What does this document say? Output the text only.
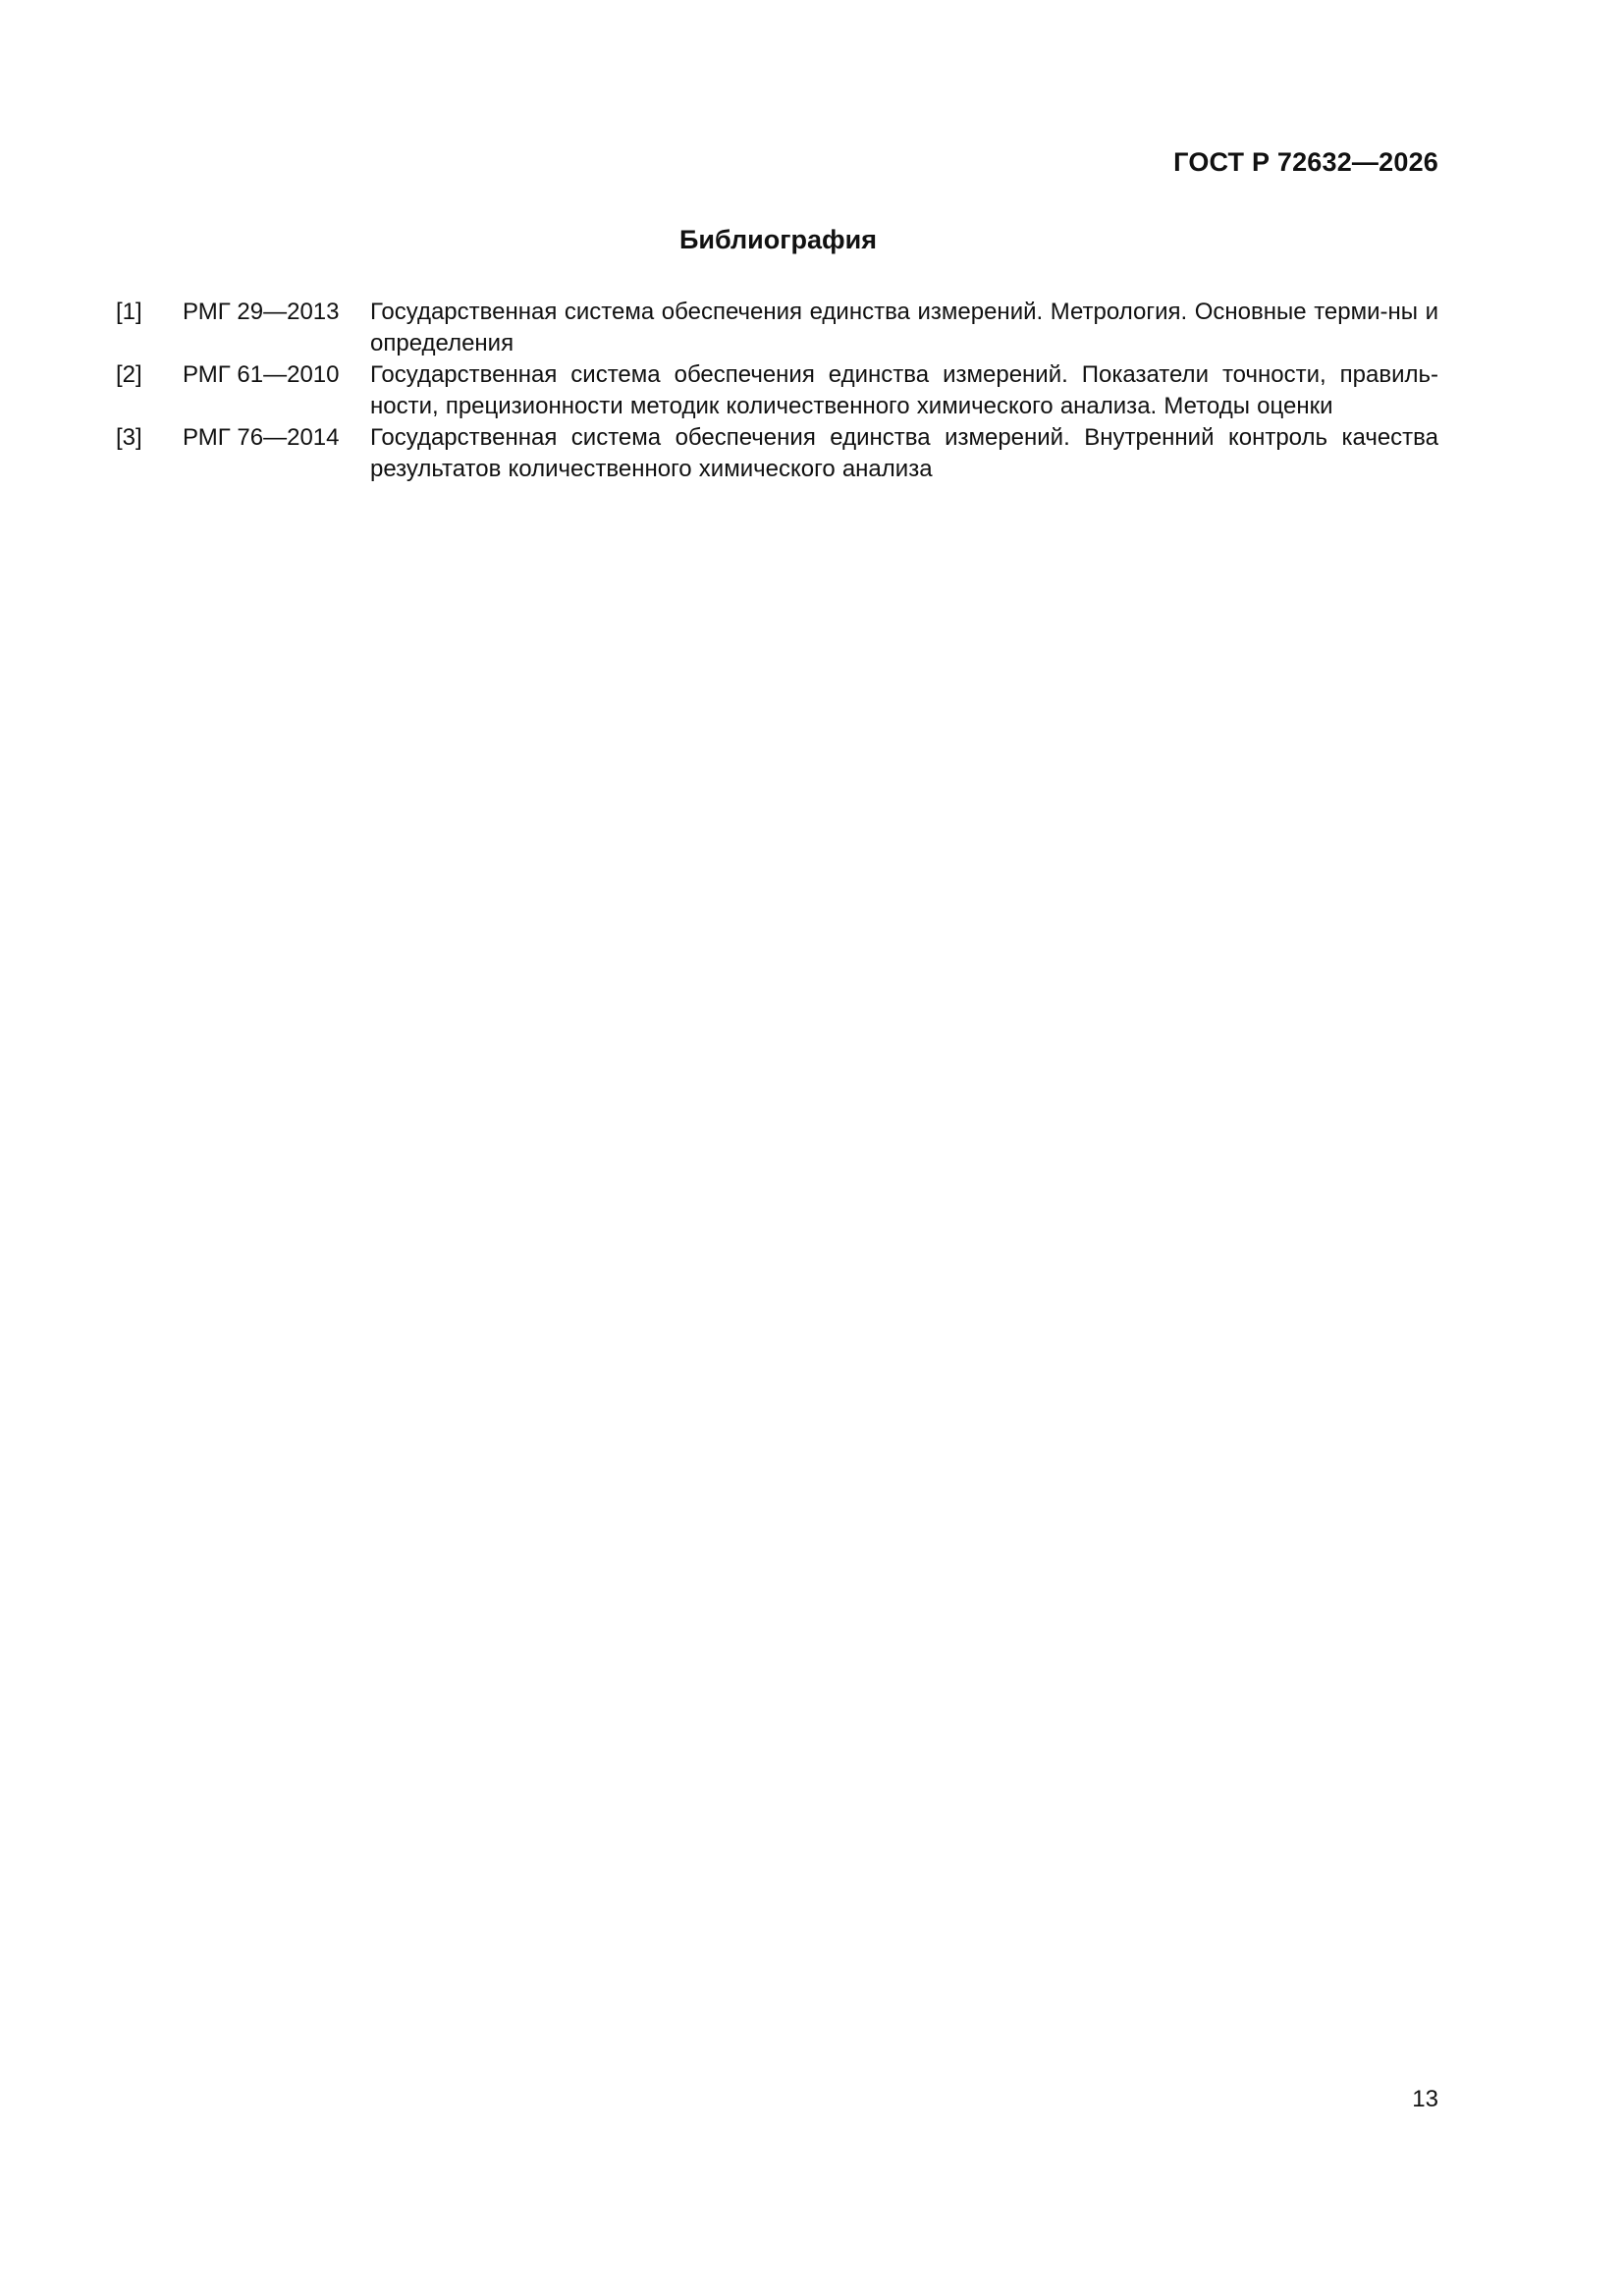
ГОСТ Р 72632—2026
Библиография
[1] РМГ 29—2013 Государственная система обеспечения единства измерений. Метрология. Основные терми-ны и определения
[2] РМГ 61—2010 Государственная система обеспечения единства измерений. Показатели точности, правиль-ности, прецизионности методик количественного химического анализа. Методы оценки
[3] РМГ 76—2014 Государственная система обеспечения единства измерений. Внутренний контроль качества результатов количественного химического анализа
13
